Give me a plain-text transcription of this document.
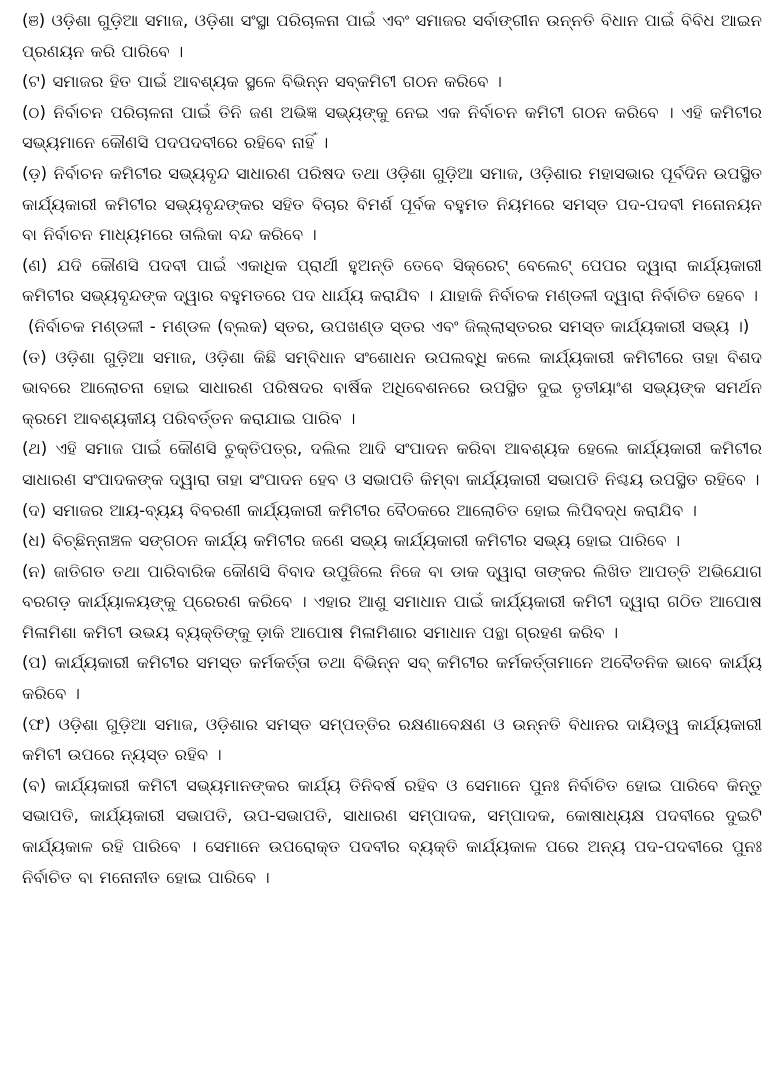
(ଞ) ଓଡ଼ିଶା ଗୁଡ଼ିଆ ସମାଜ, ଓଡ଼ିଶା ସଂସ୍ଥା ପରିଚାଳନା ପାଇଁ ଏବଂ ସମାଜର ସର୍ବାଙ୍ଗୀନ ଉନ୍ନତି ବିଧାନ ପାଇଁ ବିବିଧ ଆଇନ ପ୍ରଣୟନ କରି ପାରିବେ ।

(ଟ) ସମାଜର ହିତ ପାଇଁ ଆବଶ୍ୟକ ସ୍ଥଳେ ବିଭିନ୍ନ ସବ୍‌କମିଟୀ ଗଠନ କରିବେ ।

(ଠ) ନିର୍ବାଚନ ପରିଚାଳନା ପାଇଁ ତିନି ଜଣ ଅଭିଜ୍ଞ ସଭ୍ୟଙ୍କୁ ନେଇ ଏକ ନିର୍ବାଚନ କମିଟୀ ଗଠନ କରିବେ । ଏହି କମିଟୀର ସଭ୍ୟମାନେ କୌଣସି ପଦପଦବୀରେ ରହିବେ ନାହିଁ ।

(ଡ଼) ନିର୍ବାଚନ କମିଟୀର ସଭ୍ୟବୃନ୍ଦ ସାଧାରଣ ପରିଷଦ ତଥା ଓଡ଼ିଶା ଗୁଡ଼ିଆ ସମାଜ, ଓଡ଼ିଶାର ମହାସଭାର ପୂର୍ବଦିନ ଉପସ୍ଥିତ କାର୍ଯ୍ୟକାରୀ କମିଟୀର ସଭ୍ୟବୃନ୍ଦଙ୍କର ସହିତ ବିଚାର ବିମର୍ଶ ପୂର୍ବକ ବହୁମତ ନିୟମରେ ସମସ୍ତ ପଦ-ପଦବୀ ମନୋନୟନ ବା ନିର୍ବାଚନ ମାଧ୍ୟମରେ ତାଲିକା ବନ୍ଦ କରିବେ ।

(ଣ) ଯଦି କୌଣସି ପଦବୀ ପାଇଁ ଏକାଧିକ ପ୍ରାର୍ଥୀ ହୁଅନ୍ତି ତେବେ ସିକ୍ରେଟ୍ ବେଲେଟ୍ ପେପର ଦ୍ୱାରା କାର୍ଯ୍ୟକାରୀ କମିଟୀର ସଭ୍ୟବୃନ୍ଦଙ୍କ ଦ୍ୱାର ବହୁମତରେ ପଦ ଧାର୍ଯ୍ୟ କରାଯିବ । ଯାହାକି ନିର୍ବାଚକ ମଣ୍ଡଳୀ ଦ୍ୱାରା ନିର୍ବାଚିତ ହେବେ ।

(ନିର୍ବାଚକ ମଣ୍ଡଳୀ - ମଣ୍ଡଳ (ବ୍ଲକ) ସ୍ତର, ଉପଖଣ୍ଡ ସ୍ତର ଏବଂ ଜିଲ୍ଲାସ୍ତରର ସମସ୍ତ କାର୍ଯ୍ୟକାରୀ ସଭ୍ୟ ।)

(ତ) ଓଡ଼ିଶା ଗୁଡ଼ିଆ ସମାଜ, ଓଡ଼ିଶା କିଛି ସମ୍ବିଧାନ ସଂଶୋଧନ ଉପଲବ୍ଧି କଲେ କାର୍ଯ୍ୟକାରୀ କମିଟୀରେ ତାହା ବିଶଦ ଭାବରେ ଆଲୋଚନା ହୋଇ ସାଧାରଣ ପରିଷଦର ବାର୍ଷିକ ଅଧିବେଶନରେ ଉପସ୍ଥିତ ଦୁଇ ତୃତୀୟାଂଶ ସଭ୍ୟଙ୍କ ସମର୍ଥନ କ୍ରମେ ଆବଶ୍ୟକୀୟ ପରିବର୍ତ୍ତନ କରାଯାଇ ପାରିବ ।

(ଥ) ଏହି ସମାଜ ପାଇଁ କୌଣସି ଚୁକ୍ତିପତ୍ର, ଦଲିଲ ଆଦି ସଂପାଦନ କରିବା ଆବଶ୍ୟକ ହେଲେ କାର୍ଯ୍ୟକାରୀ କମିଟୀର ସାଧାରଣ ସଂପାଦକଙ୍କ ଦ୍ୱାରା ତାହା ସଂପାଦନ ହେବ ଓ ସଭାପତି କିମ୍ବା କାର୍ଯ୍ୟକାରୀ ସଭାପତି ନିଶ୍ଚୟ ଉପସ୍ଥିତ ରହିବେ ।

(ଦ) ସମାଜର ଆୟ-ବ୍ୟୟ ବିବରଣୀ କାର୍ଯ୍ୟକାରୀ କମିଟୀର ବୈଠକରେ ଆଲୋଚିତ ହୋଇ ଲିପିବଦ୍ଧ କରାଯିବ ।

(ଧ) ବିଚ୍ଛିନ୍ନାଞ୍ଚଳ ସଙ୍ଗଠନ କାର୍ଯ୍ୟ କମିଟୀର ଜଣେ ସଭ୍ୟ କାର୍ଯ୍ୟକାରୀ କମିଟୀର ସଭ୍ୟ ହୋଇ ପାରିବେ ।

(ନ) ଜାତିଗତ ତଥା ପାରିବାରିକ କୌଣସି ବିବାଦ ଉପୁଜିଲେ ନିଜେ ବା ଡାକ ଦ୍ୱାରା ତାଙ୍କର ଲିଖିତ ଆପତ୍ତି ଅଭିଯୋଗ ବରଗଡ଼ କାର୍ଯ୍ୟାଳୟଙ୍କୁ ପ୍ରେରଣ କରିବେ । ଏହାର ଆଶୁ ସମାଧାନ ପାଇଁ କାର୍ଯ୍ୟକାରୀ କମିଟୀ ଦ୍ୱାରା ଗଠିତ ଆପୋଷ ମିଳାମିଶା କମିଟୀ ଉଭୟ ବ୍ୟକ୍ତିଙ୍କୁ ଡ଼ାକି ଆପୋଷ ମିଳାମିଶାର ସମାଧାନ ପନ୍ଥା ଗ୍ରହଣ କରିବ ।

(ପ) କାର୍ଯ୍ୟକାରୀ କମିଟୀର ସମସ୍ତ କର୍ମକର୍ତ୍ତା ତଥା ବିଭିନ୍ନ ସବ୍ କମିଟୀର କର୍ମକର୍ତ୍ତାମାନେ ଅବୈତନିକ ଭାବେ କାର୍ଯ୍ୟ କରିବେ ।

(ଫ) ଓଡ଼ିଶା ଗୁଡ଼ିଆ ସମାଜ, ଓଡ଼ିଶାର ସମସ୍ତ ସମ୍ପତ୍ତିର ରକ୍ଷଣାବେକ୍ଷଣ ଓ ଉନ୍ନତି ବିଧାନର ଦାୟିତ୍ୱ କାର୍ଯ୍ୟକାରୀ କମିଟୀ ଉପରେ ନ୍ୟସ୍ତ ରହିବ ।

(ବ) କାର୍ଯ୍ୟକାରୀ କମିଟୀ ସଭ୍ୟମାନଙ୍କର କାର୍ଯ୍ୟ ତିନିବର୍ଷ ରହିବ ଓ ସେମାନେ ପୁନଃ ନିର୍ବାଚିତ ହୋଇ ପାରିବେ କିନ୍ତୁ ସଭାପତି, କାର୍ଯ୍ୟକାରୀ ସଭାପତି, ଉପ-ସଭାପତି, ସାଧାରଣ ସମ୍ପାଦକ, ସମ୍ପାଦକ, କୋଷାଧ୍ୟକ୍ଷ ପଦବୀରେ ଦୁଇଟି କାର୍ଯ୍ୟକାଳ ରହି ପାରିବେ । ସେମାନେ ଉପରୋକ୍ତ ପଦବୀର ବ୍ୟକ୍ତି କାର୍ଯ୍ୟକାଳ ପରେ ଅନ୍ୟ ପଦ-ପଦବୀରେ ପୁନଃ ନିର୍ବାଚିତ ବା ମନୋନୀତ ହୋଇ ପାରିବେ ।
